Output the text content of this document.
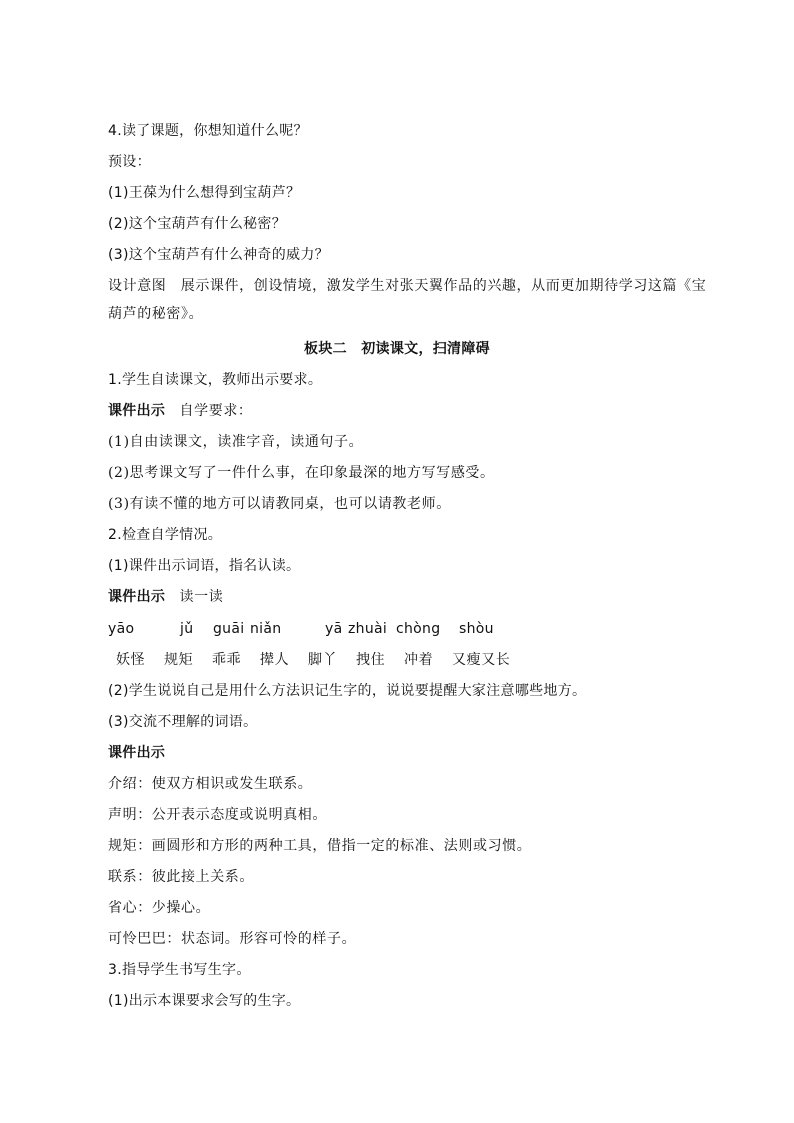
4.读了课题，你想知道什么呢？
预设：
(1)王葆为什么想得到宝葫芦？
(2)这个宝葫芦有什么秘密？
(3)这个宝葫芦有什么神奇的威力？
设计意图　 展示课件，创设情境，激发学生对张天翼作品的兴趣，从而更加期待学习这篇《宝葫芦的秘密》。
板块二　初读课文，扫清障碍
1.学生自读课文，教师出示要求。
课件出示　 自学要求：
(1)自由读课文，读准字音，读通句子。
(2)思考课文写了一件什么事，在印象最深的地方写写感受。
(3)有读不懂的地方可以请教同桌，也可以请教老师。
2.检查自学情况。
(1)课件出示词语，指名认读。
课件出示　 读一读
yāo	jǔ guāi niǎn	yā zhuài chòng shòu
妖怪 规矩 乖乖 撵人 脚丫 拽住 冲着 又瘦又长
(2)学生说说自己是用什么方法识记生字的，说说要提醒大家注意哪些地方。
(3)交流不理解的词语。
课件出示
介绍：使双方相识或发生联系。
声明：公开表示态度或说明真相。
规矩：画圆形和方形的两种工具，借指一定的标准、法则或习惯。
联系：彼此接上关系。
省心：少操心。
可怜巴巴：状态词。形容可怜的样子。
3.指导学生书写生字。
(1)出示本课要求会写的生字。
